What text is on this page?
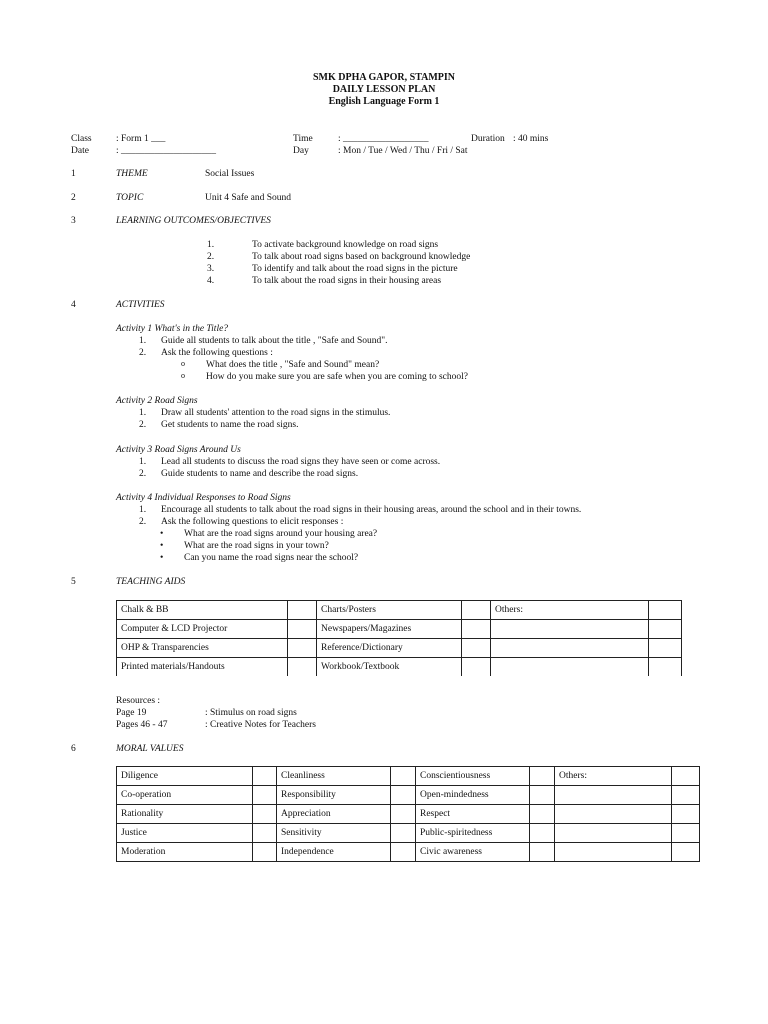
SMK DPHA GAPOR, STAMPIN
DAILY LESSON PLAN
English Language Form 1
Class	: Form 1 ___
Date	: ____________________
Time	: __________________
Day	: Mon / Tue / Wed / Thu / Fri / Sat
Duration : 40 mins
1	THEME	Social Issues
2	TOPIC	Unit 4 Safe and Sound
3	LEARNING OUTCOMES/OBJECTIVES
1.	To activate background knowledge on road signs
2.	To talk about road signs based on background knowledge
3.	To identify and talk about the road signs in the picture
4.	To talk about the road signs in their housing areas
4	ACTIVITIES
Activity 1 What's in the Title?
1. Guide all students to talk about the title , "Safe and Sound".
2. Ask the following questions :
o What does the title , "Safe and Sound" mean?
o How do you make sure you are safe when you are coming to school?
Activity 2 Road Signs
1. Draw all students' attention to the road signs in the stimulus.
2. Get students to name the road signs.
Activity 3 Road Signs Around Us
1. Lead all students to discuss the road signs they have seen or come across.
2. Guide students to name and describe the road signs.
Activity 4 Individual Responses to Road Signs
1. Encourage all students to talk about the road signs in their housing areas, around the school and in their towns.
2. Ask the following questions to elicit responses :
• What are the road signs around your housing area?
• What are the road signs in your town?
• Can you name the road signs near the school?
5	TEACHING AIDS
Chalk & BB		Charts/Posters		Others:	
Computer & LCD Projector		Newspapers/Magazines			
OHP & Transparencies		Reference/Dictionary			
Printed materials/Handouts		Workbook/Textbook			
Resources :
Page 19	: Stimulus on road signs
Pages 46 - 47	: Creative Notes for Teachers
6	MORAL VALUES
Diligence		Cleanliness		Conscientiousness		Others:	
Co-operation		Responsibility		Open-mindedness			
Rationality		Appreciation		Respect			
Justice		Sensitivity		Public-spiritedness			
Moderation		Independence		Civic awareness			
